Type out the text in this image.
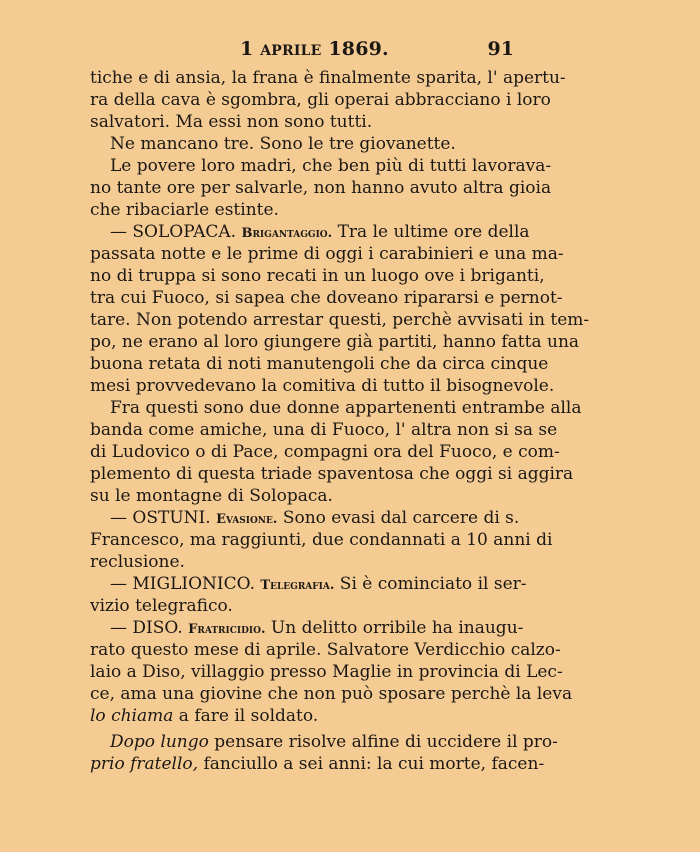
1 APRILE 1869.	91
tiche e di ansia, la frana è finalmente sparita, l' apertu-
ra della cava è sgombra, gli operai abbracciano i loro
salvatori. Ma essi non sono tutti.
Ne mancano tre. Sono le tre giovanette.
Le povere loro madri, che ben più di tutti lavorava-
no tante ore per salvarle, non hanno avuto altra gioia
che ribaciarle estinte.
— SOLOPACA. Brigantaggio. Tra le ultime ore della
passata notte e le prime di oggi i carabinieri e una ma-
no di truppa si sono recati in un luogo ove i briganti,
tra cui Fuoco, si sapea che doveano ripararsi e pernot-
tare. Non potendo arrestar questi, perchè avvisati in tem-
po, ne erano al loro giungere già partiti, hanno fatta una
buona retata di noti manutengoli che da circa cinque
mesi provvedevano la comitiva di tutto il bisognevole.
Fra questi sono due donne appartenenti entrambe alla
banda come amiche, una di Fuoco, l' altra non si sa se
di Ludovico o di Pace, compagni ora del Fuoco, e com-
plemento di questa triade spaventosa che oggi si aggira
su le montagne di Solopaca.
— OSTUNI. Evasione. Sono evasi dal carcere di s.
Francesco, ma raggiunti, due condannati a 10 anni di
reclusione.
— MIGLIONICO. Telegrafia. Si è cominciato il ser-
vizio telegrafico.
— DISO. Fratricidio. Un delitto orribile ha inaugu-
rato questo mese di aprile. Salvatore Verdicchio calzo-
laio a Diso, villaggio presso Maglie in provincia di Lec-
ce, ama una giovine che non può sposare perchè la leva
lo chiama a fare il soldato.
Dopo lungo pensare risolve alfine di uccidere il pro-
prio fratello, fanciullo a sei anni: la cui morte, facen-
